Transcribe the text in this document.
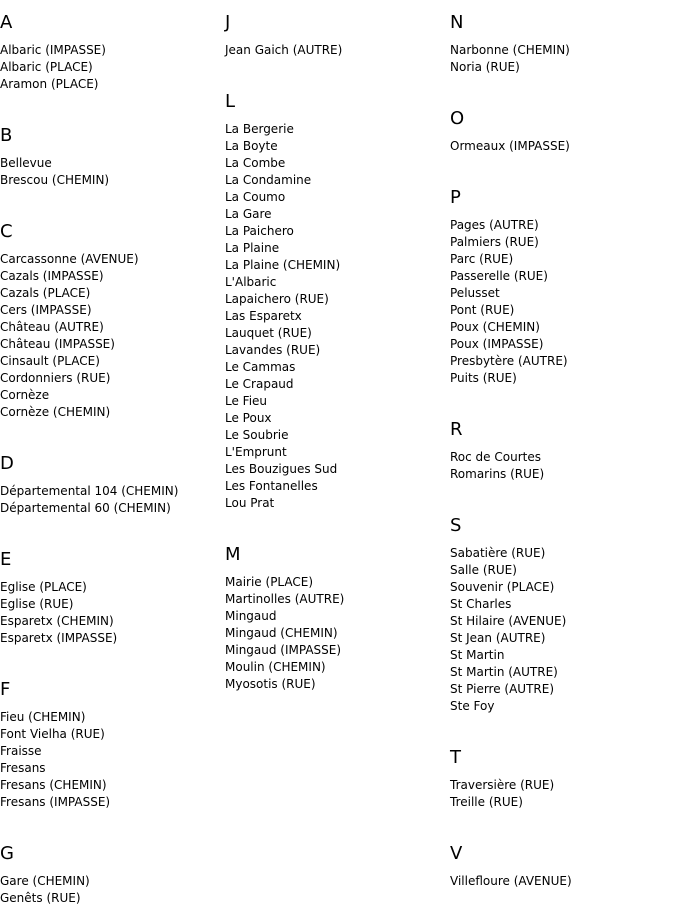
A
Albaric (IMPASSE)
Albaric (PLACE)
Aramon (PLACE)
B
Bellevue
Brescou (CHEMIN)
C
Carcassonne (AVENUE)
Cazals (IMPASSE)
Cazals (PLACE)
Cers (IMPASSE)
Château (AUTRE)
Château (IMPASSE)
Cinsault (PLACE)
Cordonniers (RUE)
Cornèze
Cornèze (CHEMIN)
D
Départemental 104 (CHEMIN)
Départemental 60 (CHEMIN)
E
Eglise (PLACE)
Eglise (RUE)
Esparetx (CHEMIN)
Esparetx (IMPASSE)
F
Fieu (CHEMIN)
Font Vielha (RUE)
Fraisse
Fresans
Fresans (CHEMIN)
Fresans (IMPASSE)
G
Gare (CHEMIN)
Genêts (RUE)
J
Jean Gaich (AUTRE)
L
La Bergerie
La Boyte
La Combe
La Condamine
La Coumo
La Gare
La Paichero
La Plaine
La Plaine (CHEMIN)
L'Albaric
Lapaichero (RUE)
Las Esparetx
Lauquet (RUE)
Lavandes (RUE)
Le Cammas
Le Crapaud
Le Fieu
Le Poux
Le Soubrie
L'Emprunt
Les Bouzigues Sud
Les Fontanelles
Lou Prat
M
Mairie (PLACE)
Martinolles (AUTRE)
Mingaud
Mingaud (CHEMIN)
Mingaud (IMPASSE)
Moulin (CHEMIN)
Myosotis (RUE)
N
Narbonne (CHEMIN)
Noria (RUE)
O
Ormeaux (IMPASSE)
P
Pages (AUTRE)
Palmiers (RUE)
Parc (RUE)
Passerelle (RUE)
Pelusset
Pont (RUE)
Poux (CHEMIN)
Poux (IMPASSE)
Presbytère (AUTRE)
Puits (RUE)
R
Roc de Courtes
Romarins (RUE)
S
Sabatière (RUE)
Salle (RUE)
Souvenir (PLACE)
St Charles
St Hilaire (AVENUE)
St Jean (AUTRE)
St Martin
St Martin (AUTRE)
St Pierre (AUTRE)
Ste Foy
T
Traversière (RUE)
Treille (RUE)
V
Villefloure (AVENUE)
